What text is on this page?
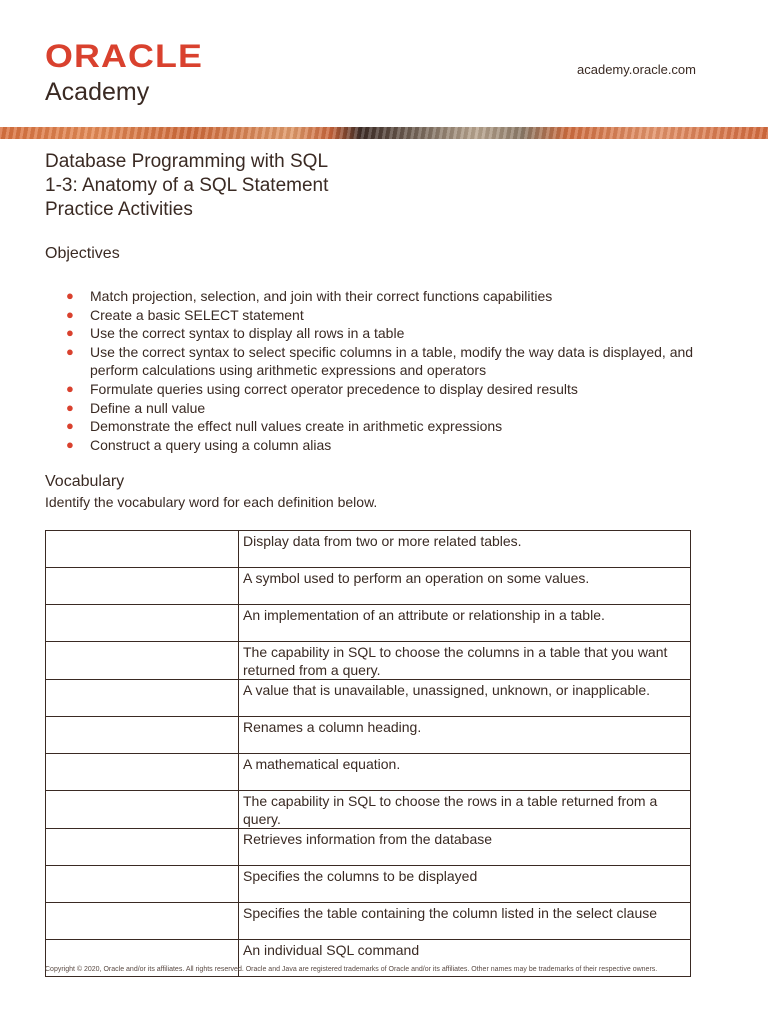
ORACLE
Academy
academy.oracle.com
Database Programming with SQL
1-3: Anatomy of a SQL Statement
Practice Activities
Objectives
● Match projection, selection, and join with their correct functions capabilities
● Create a basic SELECT statement
● Use the correct syntax to display all rows in a table
● Use the correct syntax to select specific columns in a table, modify the way data is displayed, and perform calculations using arithmetic expressions and operators
● Formulate queries using correct operator precedence to display desired results
● Define a null value
● Demonstrate the effect null values create in arithmetic expressions
● Construct a query using a column alias
Vocabulary
Identify the vocabulary word for each definition below.
	Display data from two or more related tables.
	A symbol used to perform an operation on some values.
	An implementation of an attribute or relationship in a table.
	The capability in SQL to choose the columns in a table that you want returned from a query.
	A value that is unavailable, unassigned, unknown, or inapplicable.
	Renames a column heading.
	A mathematical equation.
	The capability in SQL to choose the rows in a table returned from a query.
	Retrieves information from the database
	Specifies the columns to be displayed
	Specifies the table containing the column listed in the select clause
	An individual SQL command
Copyright © 2020, Oracle and/or its affiliates. All rights reserved. Oracle and Java are registered trademarks of Oracle and/or its affiliates. Other names may be trademarks of their respective owners.
